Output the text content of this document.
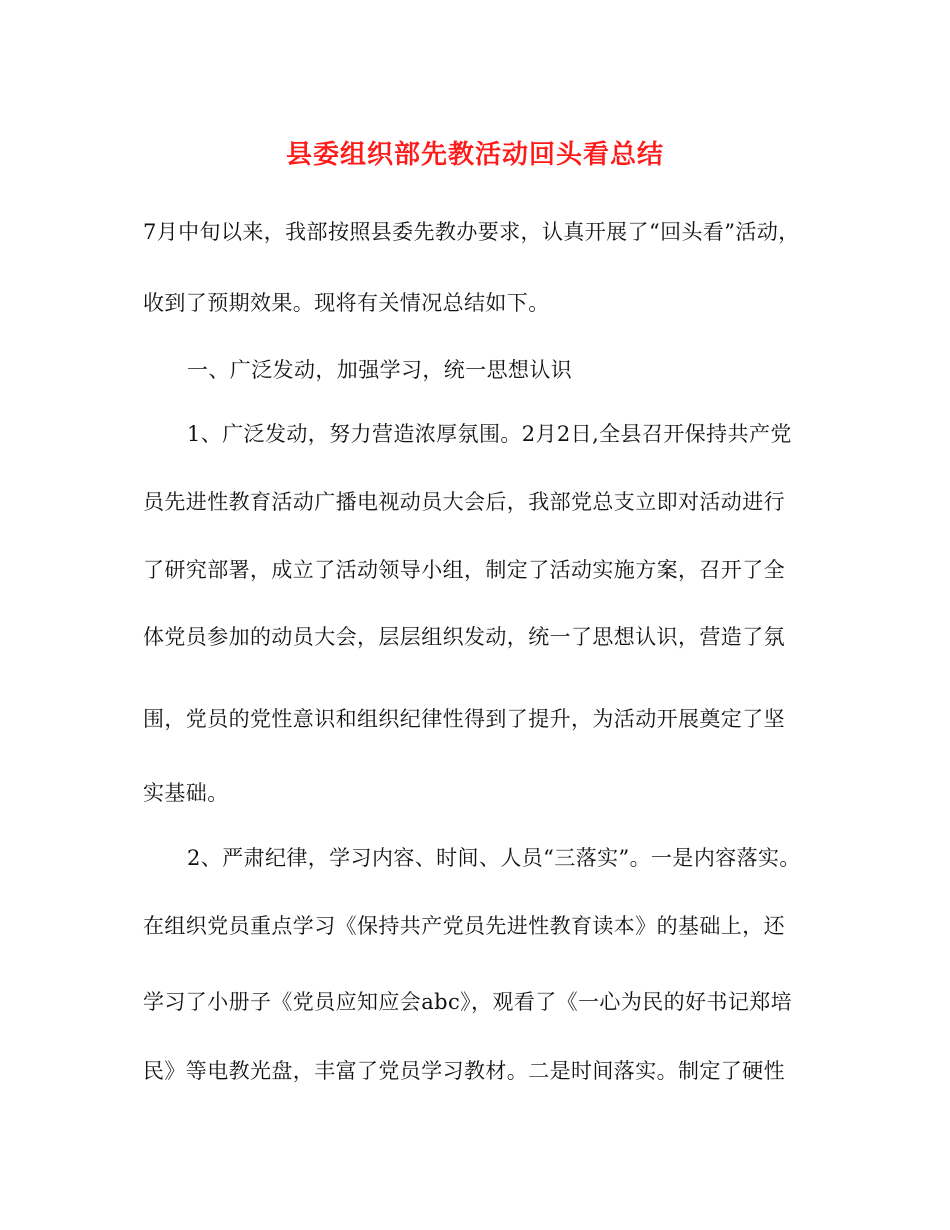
县委组织部先教活动回头看总结
7月中旬以来，我部按照县委先教办要求，认真开展了“回头看”活动，
收到了预期效果。现将有关情况总结如下。
一、广泛发动，加强学习，统一思想认识
1、广泛发动，努力营造浓厚氛围。2月2日,全县召开保持共产党
员先进性教育活动广播电视动员大会后，我部党总支立即对活动进行
了研究部署，成立了活动领导小组，制定了活动实施方案，召开了全
体党员参加的动员大会，层层组织发动，统一了思想认识，营造了氛
围，党员的党性意识和组织纪律性得到了提升，为活动开展奠定了坚
实基础。
2、严肃纪律，学习内容、时间、人员“三落实”。一是内容落实。
在组织党员重点学习《保持共产党员先进性教育读本》的基础上，还
学习了小册子《党员应知应会abc》，观看了《一心为民的好书记郑培
民》等电教光盘，丰富了党员学习教材。二是时间落实。制定了硬性
